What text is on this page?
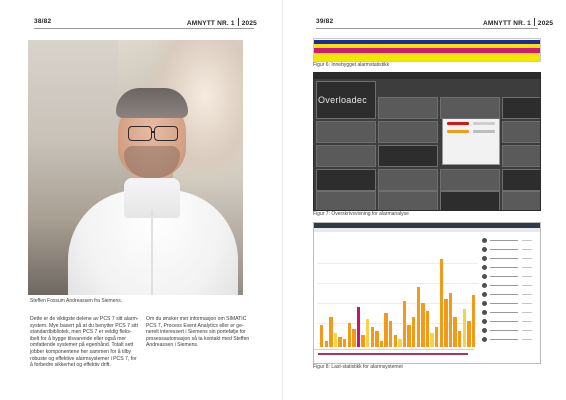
38/82	AMNYTT NR. 1 2025
Steffen Fossum Andreassen fra Siemens.

Dette er de viktigste delene av PCS 7 sitt alarm-

system. Mye basert på at du benytter PCS 7 sitt

standardbibliotek, men PCS 7 er veldig fleks-

ibelt for å bygge tilsvarende eller også mer

omfattende systemer på egenhånd. Totalt sett

jobber komponentene her sammen for å tilby

robuste og effektive alarmsystemer i PCS 7, for

å forbedre sikkerhet og effektiv drift.

Om du ønsker mer informasjon om SIMATIC

PCS 7, Process Event Analytics eller er ge-

nerelt interessert i Siemens sin portefølje for

prosessautomasjon så ta kontakt med Steffen

Andreassen i Siemens.

39/82	AMNYTT NR. 1 2025
Figur 6: Innebygget alarmstatistikk
Overloadec
Figur 7: Overskrivsvisning for alarmanalyse
Figur 8: Last-statistikk for alarmsystemet
